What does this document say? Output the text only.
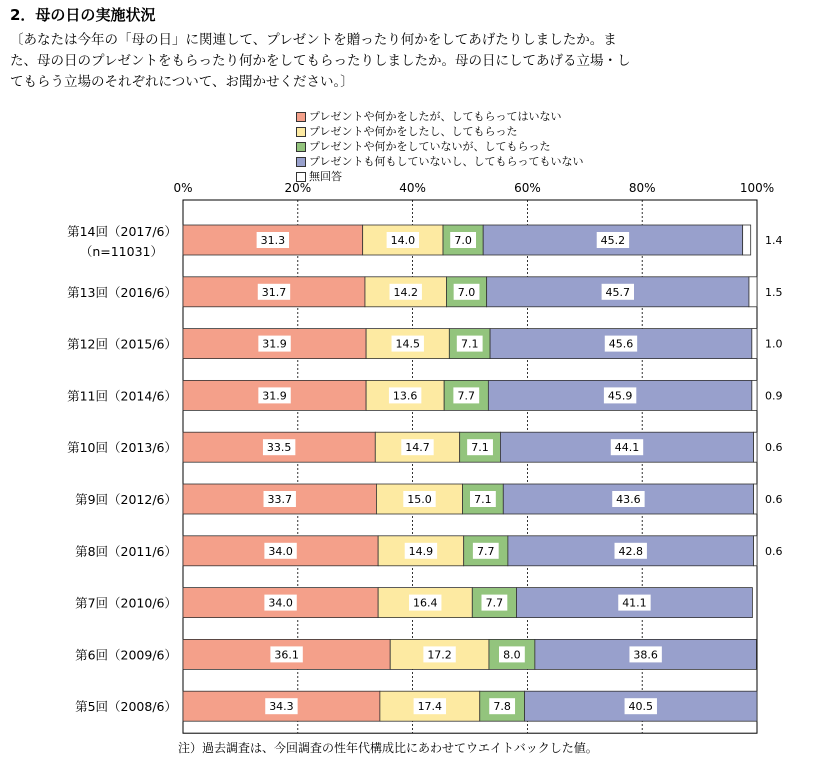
2．母の日の実施状況
〔あなたは今年の「母の日」に関連して、プレゼントを贈ったり何かをしてあげたりしましたか。ま
た、母の日のプレゼントをもらったり何かをしてもらったりしましたか。母の日にしてあげる立場・し
てもらう立場のそれぞれについて、お聞かせください。〕
プレゼントや何かをしたが、してもらってはいない
プレゼントや何かをしたし、してもらった
プレゼントや何かをしていないが、してもらった
プレゼントも何もしていないし、してもらってもいない
無回答
0%	20%	40%	60%	80%	100%
第14回（2017/6）
（n=11031）
31.3	14.0	7.0	45.2	1.4
第13回（2016/6）	31.7	14.2	7.0	45.7	1.5
第12回（2015/6）	31.9	14.5	7.1	45.6	1.0
第11回（2014/6）	31.9	13.6	7.7	45.9	0.9
第10回（2013/6）	33.5	14.7	7.1	44.1	0.6
第9回（2012/6）	33.7	15.0	7.1	43.6	0.6
第8回（2011/6）	34.0	14.9	7.7	42.8	0.6
第7回（2010/6）	34.0	16.4	7.7	41.1
第6回（2009/6）	36.1	17.2	8.0	38.6
第5回（2008/6）	34.3	17.4	7.8	40.5
注）過去調査は、今回調査の性年代構成比にあわせてウエイトバックした値。
